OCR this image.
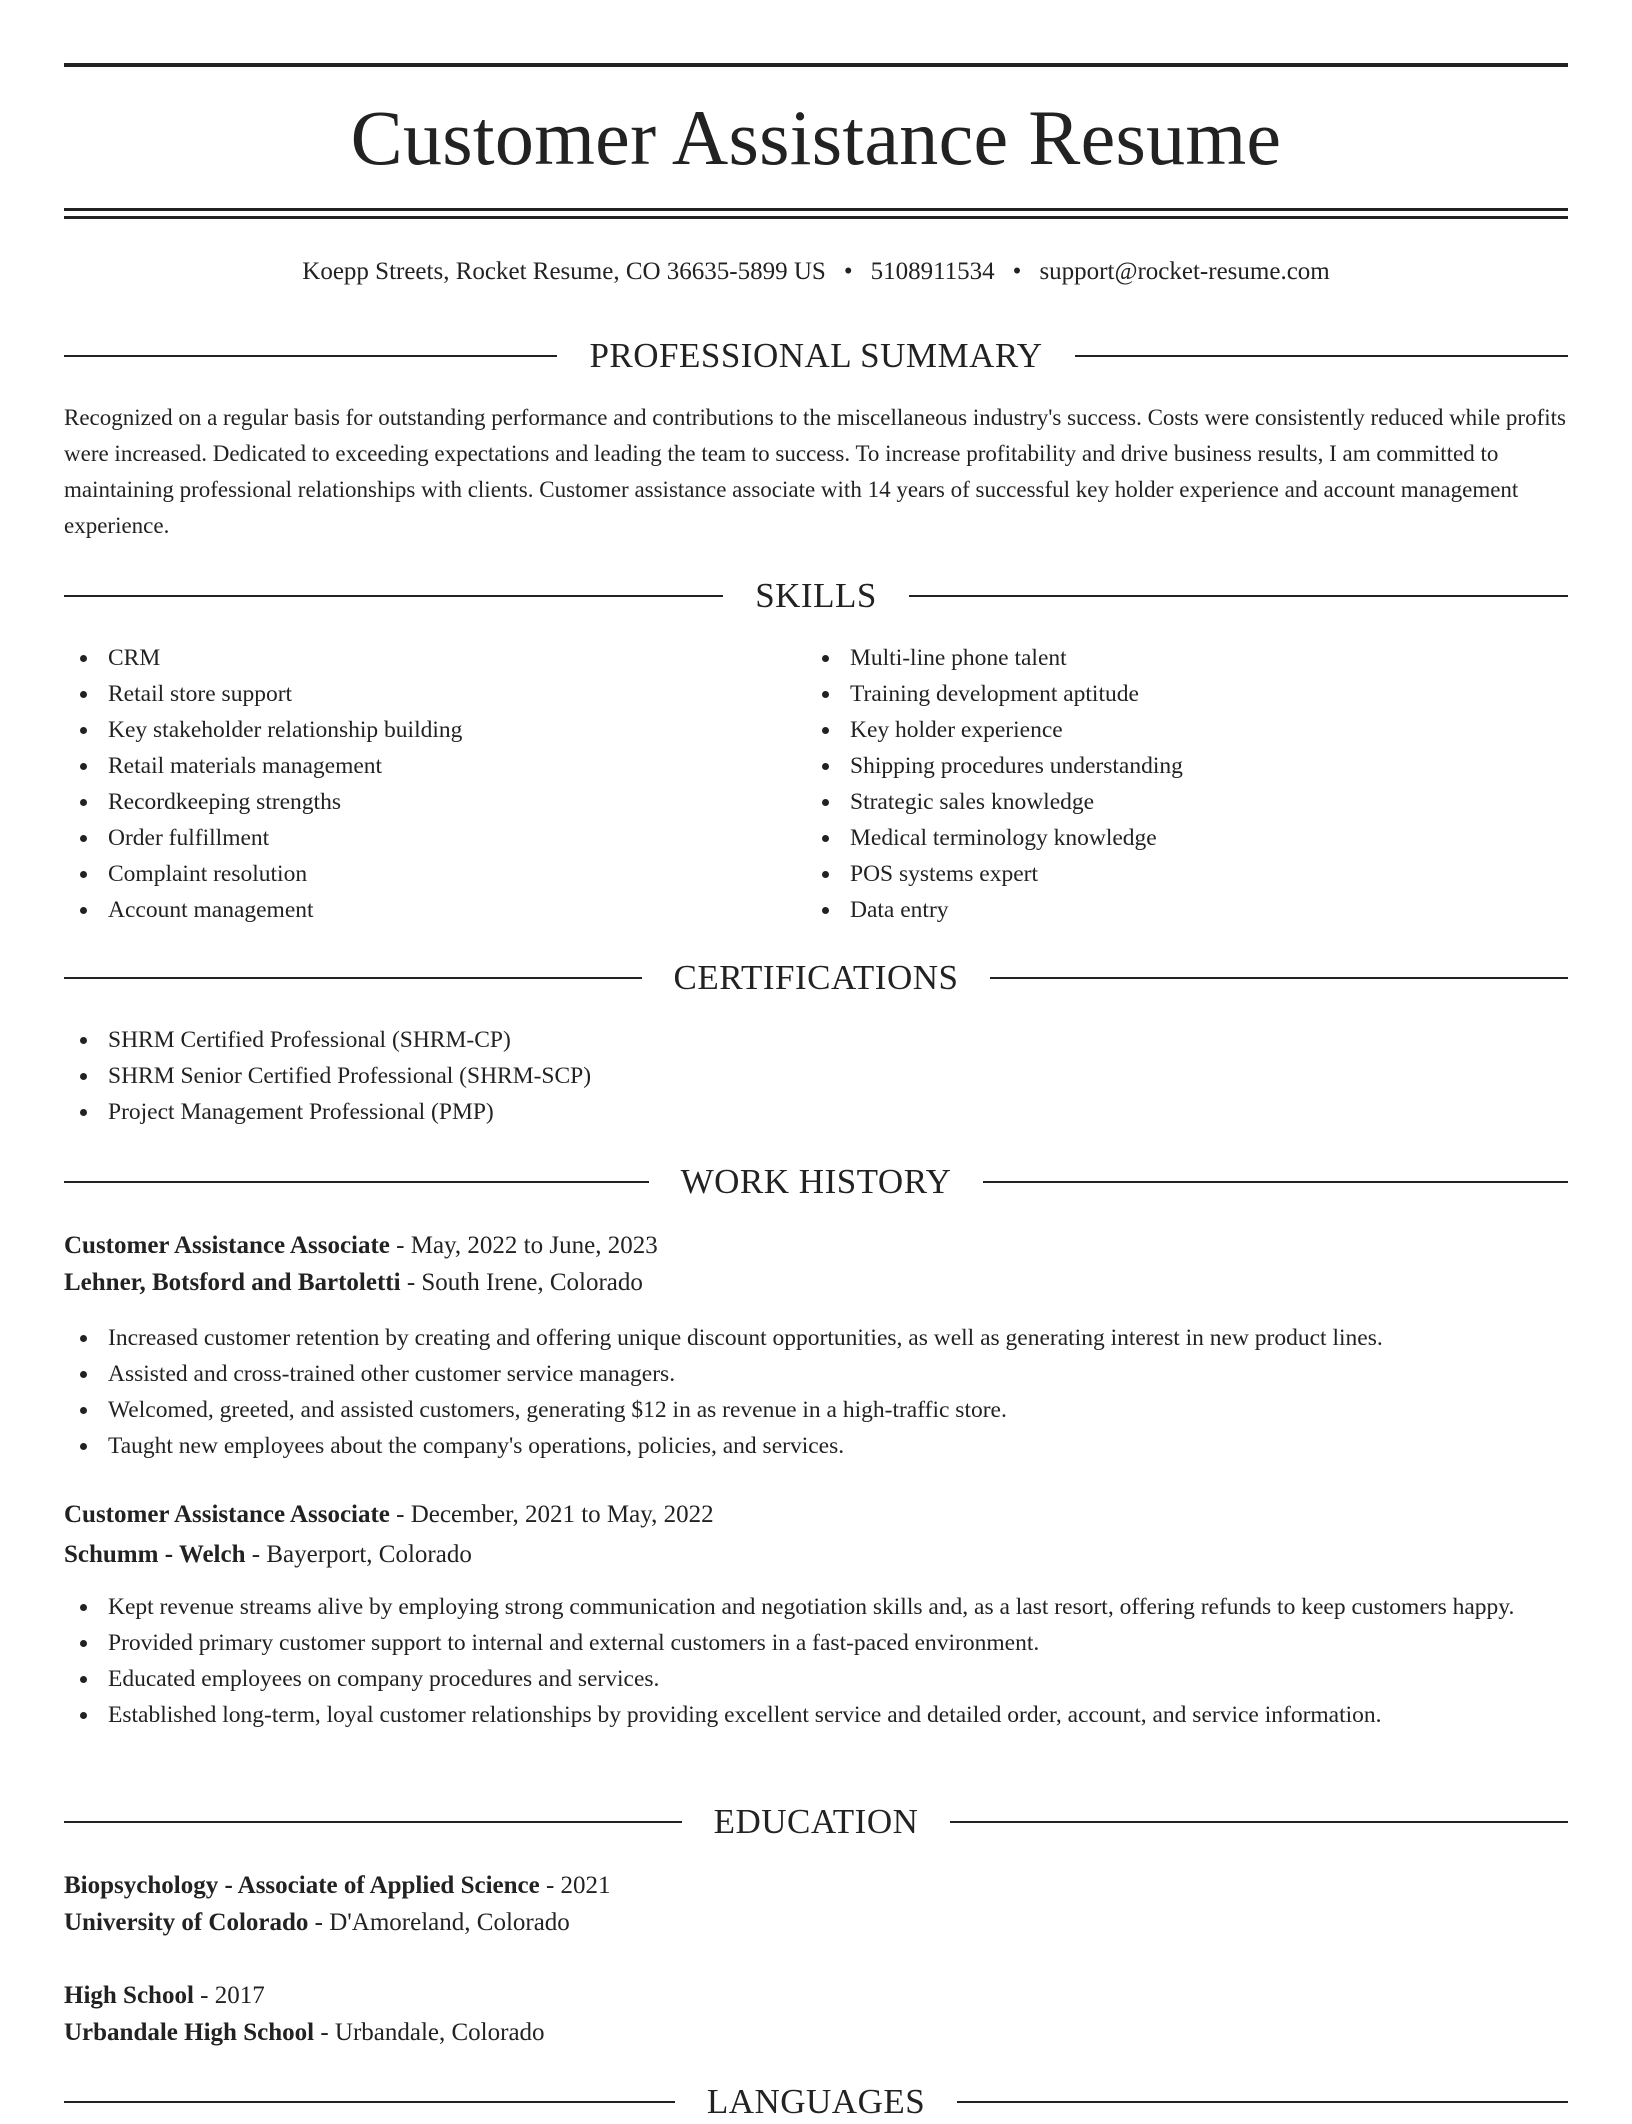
Customer Assistance Resume
Koepp Streets, Rocket Resume, CO 36635-5899 US • 5108911534 • support@rocket-resume.com
PROFESSIONAL SUMMARY
Recognized on a regular basis for outstanding performance and contributions to the miscellaneous industry's success. Costs were consistently reduced while profits were increased. Dedicated to exceeding expectations and leading the team to success. To increase profitability and drive business results, I am committed to maintaining professional relationships with clients. Customer assistance associate with 14 years of successful key holder experience and account management experience.
SKILLS
CRM
Retail store support
Key stakeholder relationship building
Retail materials management
Recordkeeping strengths
Order fulfillment
Complaint resolution
Account management
Multi-line phone talent
Training development aptitude
Key holder experience
Shipping procedures understanding
Strategic sales knowledge
Medical terminology knowledge
POS systems expert
Data entry
CERTIFICATIONS
SHRM Certified Professional (SHRM-CP)
SHRM Senior Certified Professional (SHRM-SCP)
Project Management Professional (PMP)
WORK HISTORY
Customer Assistance Associate - May, 2022 to June, 2023
Lehner, Botsford and Bartoletti - South Irene, Colorado
Increased customer retention by creating and offering unique discount opportunities, as well as generating interest in new product lines.
Assisted and cross-trained other customer service managers.
Welcomed, greeted, and assisted customers, generating $12 in as revenue in a high-traffic store.
Taught new employees about the company's operations, policies, and services.
Customer Assistance Associate - December, 2021 to May, 2022
Schumm - Welch - Bayerport, Colorado
Kept revenue streams alive by employing strong communication and negotiation skills and, as a last resort, offering refunds to keep customers happy.
Provided primary customer support to internal and external customers in a fast-paced environment.
Educated employees on company procedures and services.
Established long-term, loyal customer relationships by providing excellent service and detailed order, account, and service information.
EDUCATION
Biopsychology - Associate of Applied Science - 2021
University of Colorado - D'Amoreland, Colorado
High School - 2017
Urbandale High School - Urbandale, Colorado
LANGUAGES
